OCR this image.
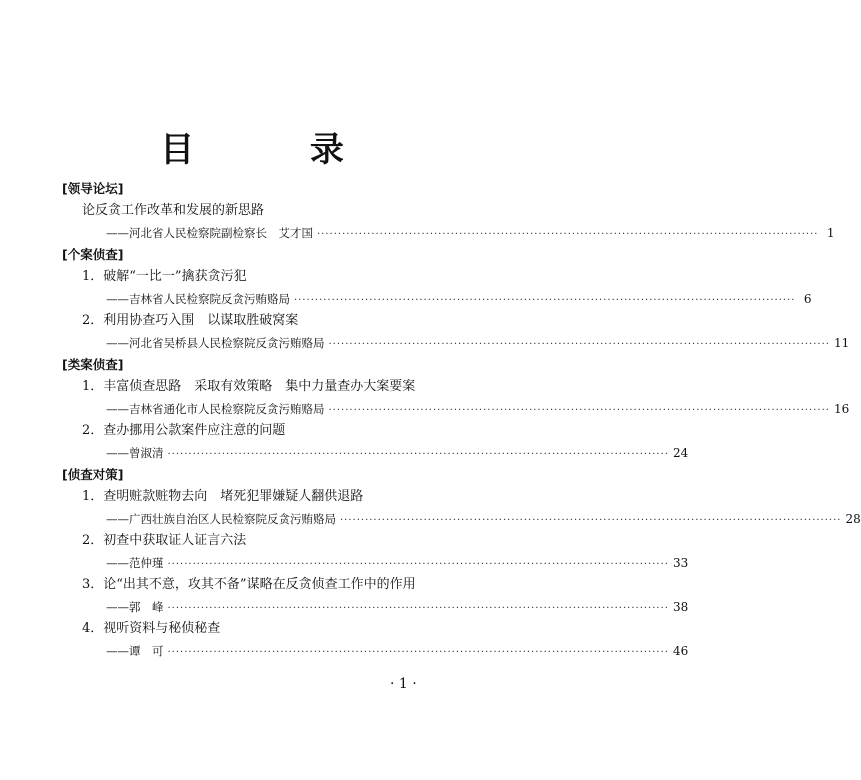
目 录
[领导论坛]
论反贪工作改革和发展的新思路
——河北省人民检察院副检察长　艾才国 ························································································································ 1
[个案侦查]
1．破解“一比一”擒获贪污犯
——吉林省人民检察院反贪污贿赂局 ························································································································ 6
2．利用协查巧入围　以谋取胜破窝案
——河北省吴桥县人民检察院反贪污贿赂局 ························································································································ 11
[类案侦查]
1．丰富侦查思路　采取有效策略　集中力量查办大案要案
——吉林省通化市人民检察院反贪污贿赂局 ························································································································ 16
2．查办挪用公款案件应注意的问题
——曾淑清 ························································································································ 24
[侦查对策]
1．查明赃款赃物去向　堵死犯罪嫌疑人翻供退路
——广西壮族自治区人民检察院反贪污贿赂局 ························································································································ 28
2．初查中获取证人证言六法
——范仲瑾 ························································································································ 33
3．论“出其不意，攻其不备”谋略在反贪侦查工作中的作用
——郭　峰 ························································································································ 38
4．视听资料与秘侦秘查
——谭　可 ························································································································ 46
· 1 ·
